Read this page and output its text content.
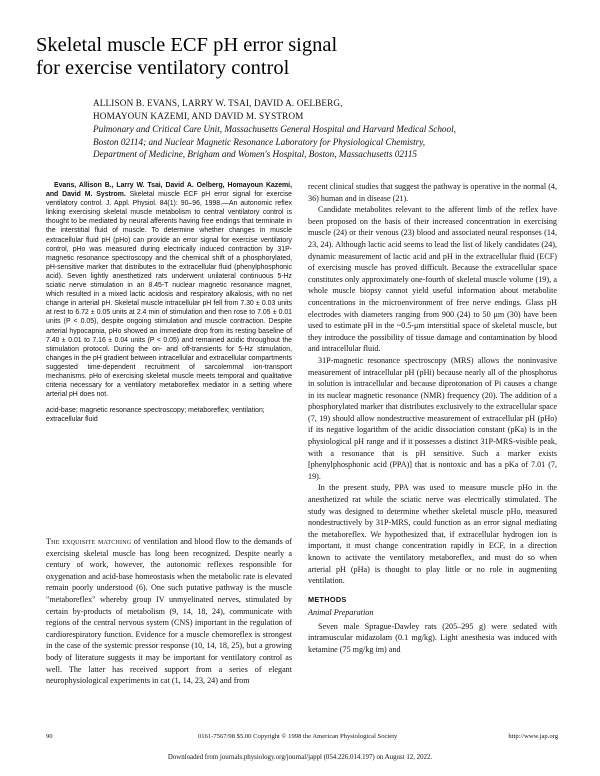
Skeletal muscle ECF pH error signal
for exercise ventilatory control
ALLISON B. EVANS, LARRY W. TSAI, DAVID A. OELBERG,
HOMAYOUN KAZEMI, AND DAVID M. SYSTROM
Pulmonary and Critical Care Unit, Massachusetts General Hospital and Harvard Medical School,
Boston 02114; and Nuclear Magnetic Resonance Laboratory for Physiological Chemistry,
Department of Medicine, Brigham and Women's Hospital, Boston, Massachusetts 02115

Evans, Allison B., Larry W. Tsai, David A. Oelberg, Homayoun Kazemi, and David M. Systrom. Skeletal muscle ECF pH error signal for exercise ventilatory control. J. Appl. Physiol. 84(1): 90–96, 1998.—An autonomic reflex linking exercising skeletal muscle metabolism to central ventilatory control is thought to be mediated by neural afferents having free endings that terminate in the interstitial fluid of muscle. To determine whether changes in muscle extracellular fluid pH (pHo) can provide an error signal for exercise ventilatory control, pHo was measured during electrically induced contraction by 31P-magnetic resonance spectroscopy and the chemical shift of a phosphorylated, pH-sensitive marker that distributes to the extracellular fluid (phenylphosphonic acid). Seven lightly anesthetized rats underwent unilateral continuous 5-Hz sciatic nerve stimulation in an 8.45-T nuclear magnetic resonance magnet, which resulted in a mixed lactic acidosis and respiratory alkalosis, with no net change in arterial pH. Skeletal muscle intracellular pH fell from 7.30 ± 0.03 units at rest to 6.72 ± 0.05 units at 2.4 min of stimulation and then rose to 7.05 ± 0.01 units (P < 0.05), despite ongoing stimulation and muscle contraction. Despite arterial hypocapnia, pHo showed an immediate drop from its resting baseline of 7.40 ± 0.01 to 7.16 ± 0.04 units (P < 0.05) and remained acidic throughout the stimulation protocol. During the on- and off-transients for 5-Hz stimulation, changes in the pH gradient between intracellular and extracellular compartments suggested time-dependent recruitment of sarcolemmal ion-transport mechanisms. pHo of exercising skeletal muscle meets temporal and qualitative criteria necessary for a ventilatory metaboreflex mediator in a setting where arterial pH does not.

acid-base; magnetic resonance spectroscopy; metaboreflex; ventilation; extracellular fluid

The exquisite matching of ventilation and blood flow to the demands of exercising skeletal muscle has long been recognized. Despite nearly a century of work, however, the autonomic reflexes responsible for oxygenation and acid-base homeostasis when the metabolic rate is elevated remain poorly understood (6). One such putative pathway is the muscle "metaboreflex" whereby group IV unmyelinated nerves, stimulated by certain by-products of metabolism (9, 14, 18, 24), communicate with regions of the central nervous system (CNS) important in the regulation of cardiorespiratory function. Evidence for a muscle chemoreflex is strongest in the case of the systemic pressor response (10, 14, 18, 25), but a growing body of literature suggests it may be important for ventilatory control as well. The latter has received support from a series of elegant neurophysiological experiments in cat (1, 14, 23, 24) and from

recent clinical studies that suggest the pathway is operative in the normal (4, 36) human and in disease (21).

Candidate metabolites relevant to the afferent limb of the reflex have been proposed on the basis of their increased concentration in exercising muscle (24) or their venous (23) blood and associated neural responses (14, 23, 24). Although lactic acid seems to lead the list of likely candidates (24), dynamic measurement of lactic acid and pH in the extracellular fluid (ECF) of exercising muscle has proved difficult. Because the extracellular space constitutes only approximately one-fourth of skeletal muscle volume (19), a whole muscle biopsy cannot yield useful information about metabolite concentrations in the microenvironment of free nerve endings. Glass pH electrodes with diameters ranging from 900 (24) to 50 μm (30) have been used to estimate pH in the ~0.5-μm interstitial space of skeletal muscle, but they introduce the possibility of tissue damage and contamination by blood and intracellular fluid.

31P-magnetic resonance spectroscopy (MRS) allows the noninvasive measurement of intracellular pH (pHi) because nearly all of the phosphorus in solution is intracellular and because diprotonation of Pi causes a change in its nuclear magnetic resonance (NMR) frequency (20). The addition of a phosphorylated marker that distributes exclusively to the extracellular space (7, 19) should allow nondestructive measurement of extracellular pH (pHo) if its negative logarithm of the acidic dissociation constant (pKa) is in the physiological pH range and if it possesses a distinct 31P-MRS-visible peak, with a resonance that is pH sensitive. Such a marker exists [phenylphosphonic acid (PPA)] that is nontoxic and has a pKa of 7.01 (7, 19).

In the present study, PPA was used to measure muscle pHo in the anesthetized rat while the sciatic nerve was electrically stimulated. The study was designed to determine whether skeletal muscle pHo, measured nondestructively by 31P-MRS, could function as an error signal mediating the metaboreflex. We hypothesized that, if extracellular hydrogen ion is important, it must change concentration rapidly in ECF, in a direction known to activate the ventilatory metaboreflex, and must do so when arterial pH (pHa) is thought to play little or no role in augmenting ventilation.

METHODS
Animal Preparation

Seven male Sprague-Dawley rats (205–295 g) were sedated with intramuscular midazolam (0.1 mg/kg). Light anesthesia was induced with ketamine (75 mg/kg im) and

90	0161-7567/98 $5.00 Copyright © 1998 the American Physiological Society	http://www.jap.org
Downloaded from journals.physiology.org/journal/jappl (054.226.014.197) on August 12, 2022.
